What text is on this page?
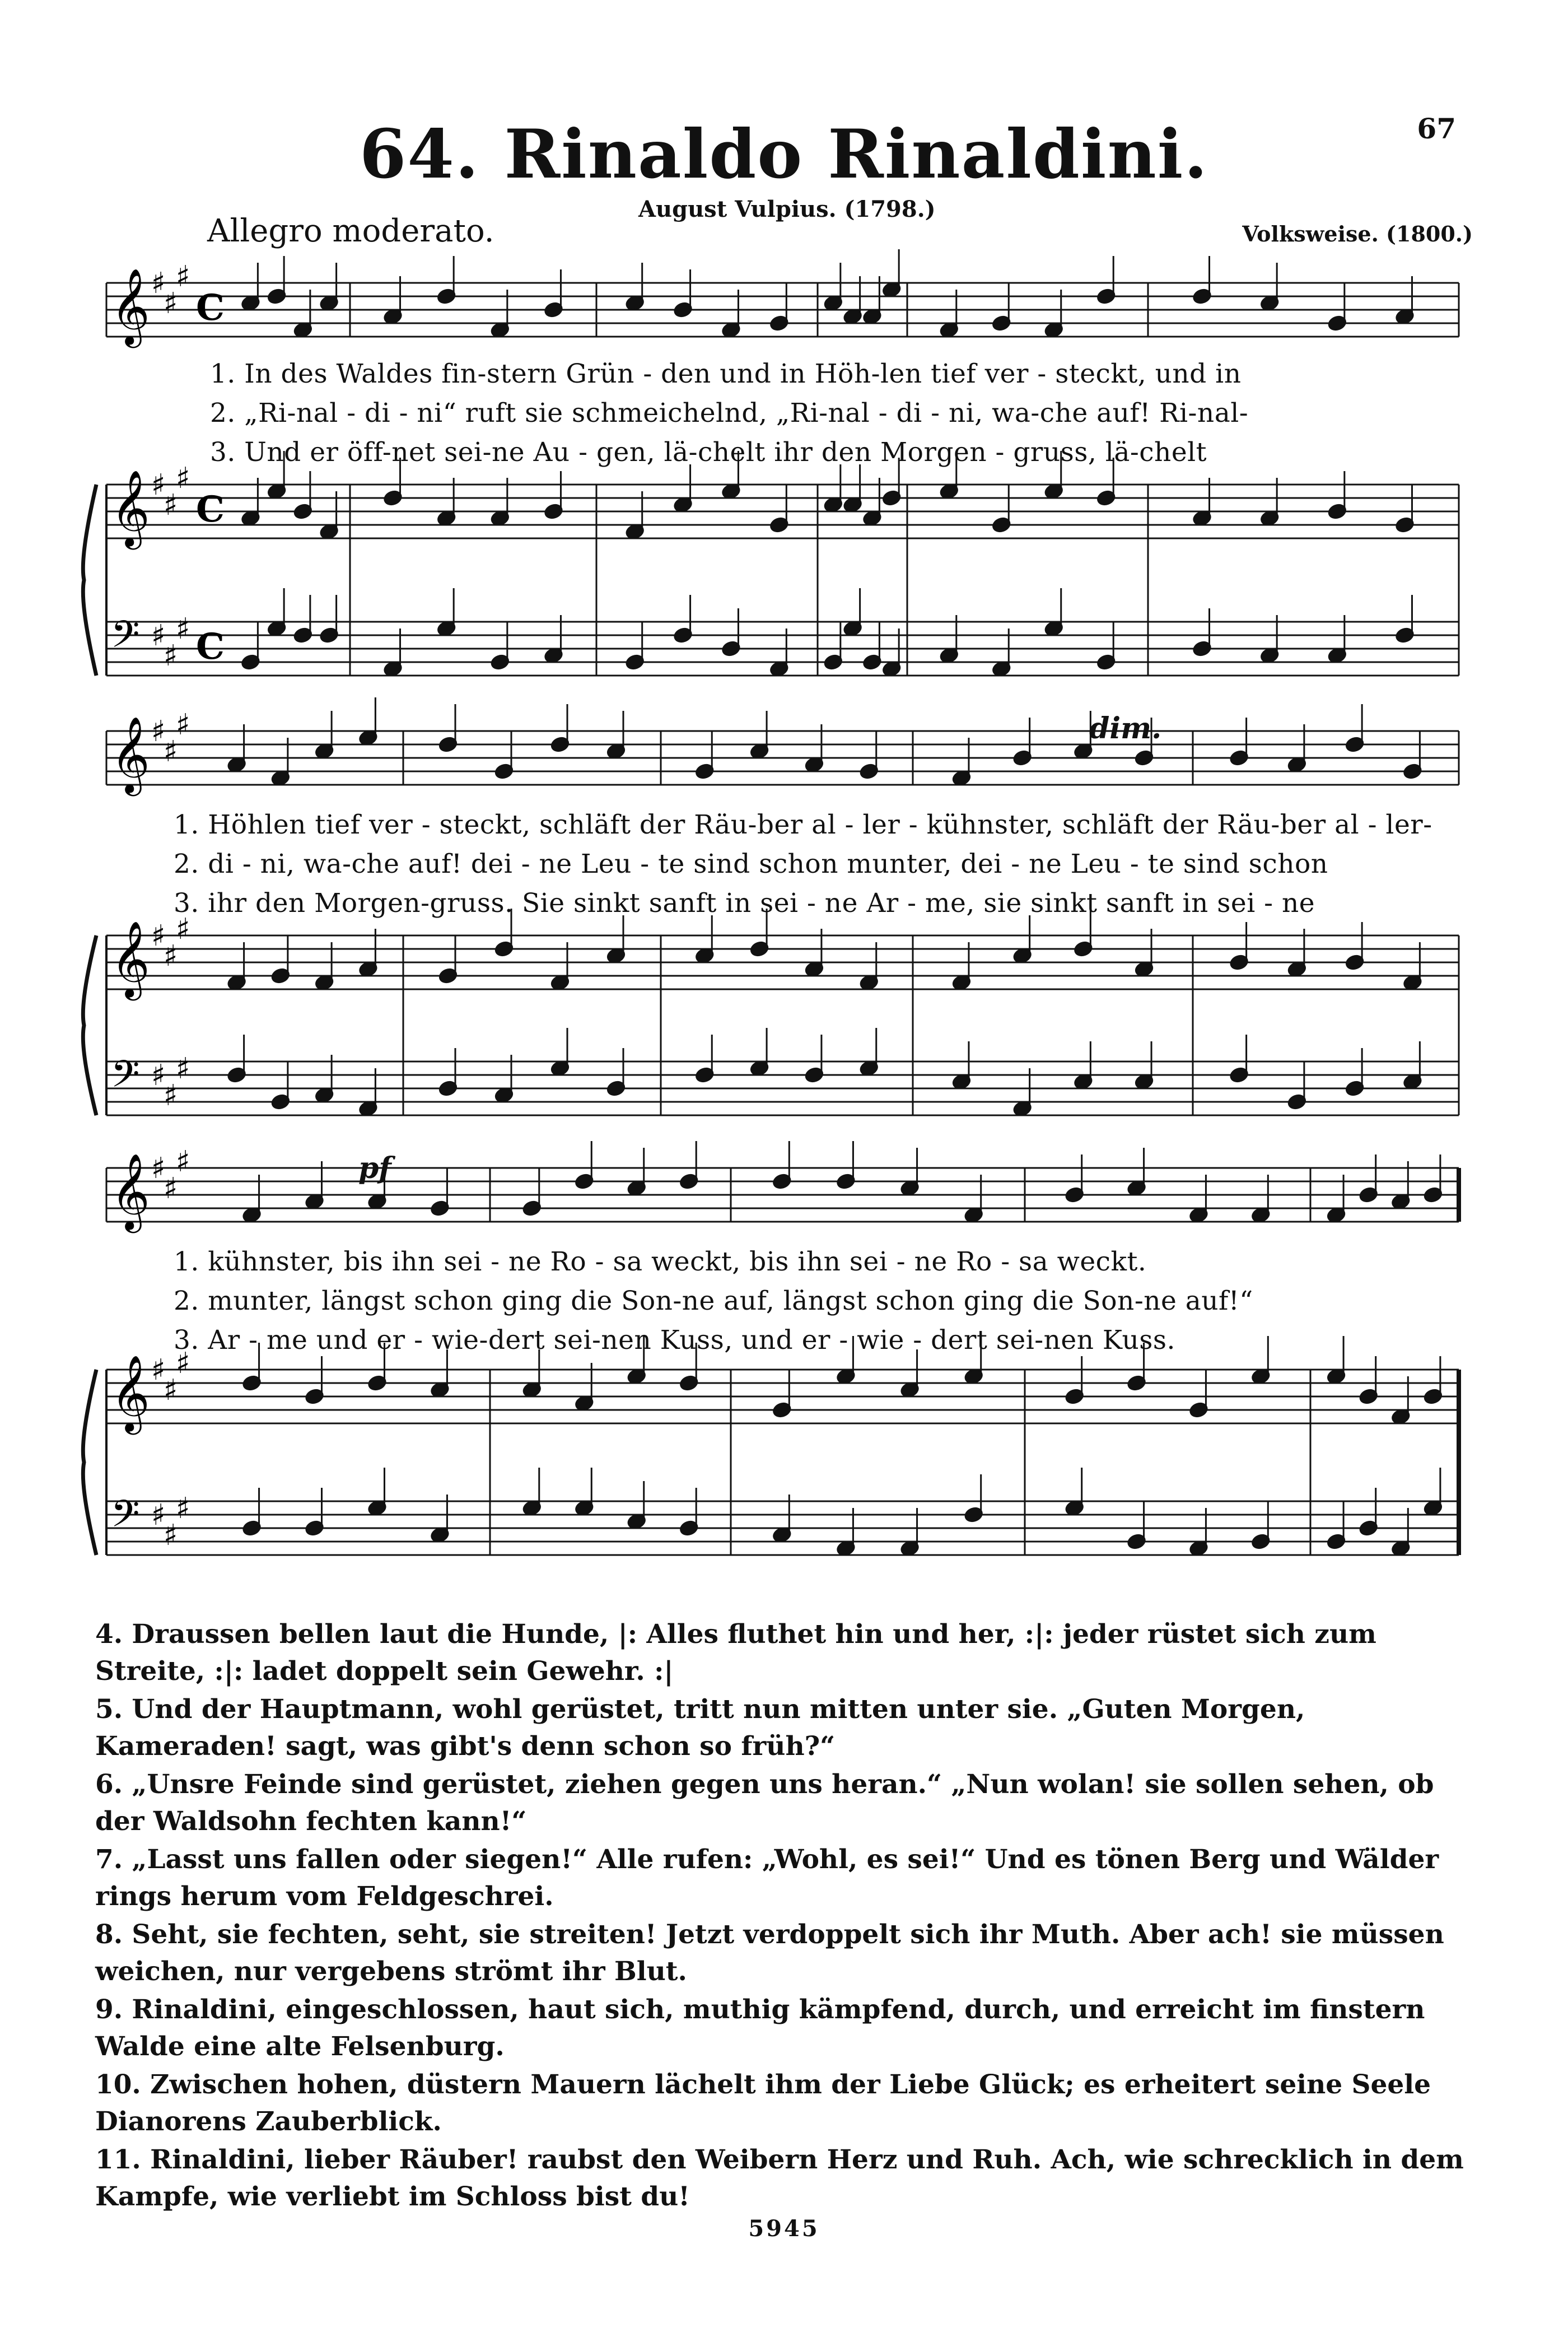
67
64. Rinaldo Rinaldini.
August Vulpius. (1798.)
Allegro moderato.	Volksweise. (1800.)
𝄞
𝄞
𝄢
♯
♯
♯
♯
♯
♯
♯
♯
♯
C
C
C
𝄞
𝄞
𝄢
♯
♯
♯
♯
♯
♯
♯
♯
♯
𝄞
𝄞
𝄢
♯
♯
♯
♯
♯
♯
♯
♯
♯
1. In des Waldes fin-stern Grün - den und in Höh-len tief ver - steckt, und in
2. „Ri-nal - di - ni“ ruft sie schmeichelnd, „Ri-nal - di - ni, wa-che auf! Ri-nal-
3. Und er öff-net sei-ne Au - gen, lä-chelt ihr den Morgen - gruss, lä-chelt
1. Höhlen tief ver - steckt, schläft der Räu-ber al - ler - kühnster, schläft der Räu-ber al - ler-
2. di - ni, wa-che auf! dei - ne Leu - te sind schon munter, dei - ne Leu - te sind schon
3. ihr den Morgen-gruss. Sie sinkt sanft in sei - ne Ar - me, sie sinkt sanft in sei - ne
dim.
1. kühnster, bis ihn sei - ne Ro - sa weckt, bis ihn sei - ne Ro - sa weckt.
2. munter, längst schon ging die Son-ne auf, längst schon ging die Son-ne auf!“
3. Ar - me und er - wie-dert sei-nen Kuss, und er - wie - dert sei-nen Kuss.
pf

4. Draussen bellen laut die Hunde, |: Alles fluthet hin und her, :|: jeder rüstet sich zum Streite, :|: ladet doppelt sein Gewehr. :|

5. Und der Hauptmann, wohl gerüstet, tritt nun mitten unter sie. „Guten Morgen, Kameraden! sagt, was gibt's denn schon so früh?“

6. „Unsre Feinde sind gerüstet, ziehen gegen uns heran.“ „Nun wolan! sie sollen sehen, ob der Waldsohn fechten kann!“

7. „Lasst uns fallen oder siegen!“ Alle rufen: „Wohl, es sei!“ Und es tönen Berg und Wälder rings herum vom Feldgeschrei.

8. Seht, sie fechten, seht, sie streiten! Jetzt verdoppelt sich ihr Muth. Aber ach! sie müssen weichen, nur vergebens strömt ihr Blut.

9. Rinaldini, eingeschlossen, haut sich, muthig kämpfend, durch, und erreicht im finstern Walde eine alte Felsenburg.

10. Zwischen hohen, düstern Mauern lächelt ihm der Liebe Glück; es erheitert seine Seele Dianorens Zauberblick.

11. Rinaldini, lieber Räuber! raubst den Weibern Herz und Ruh. Ach, wie schrecklich in dem Kampfe, wie verliebt im Schloss bist du!

5945
